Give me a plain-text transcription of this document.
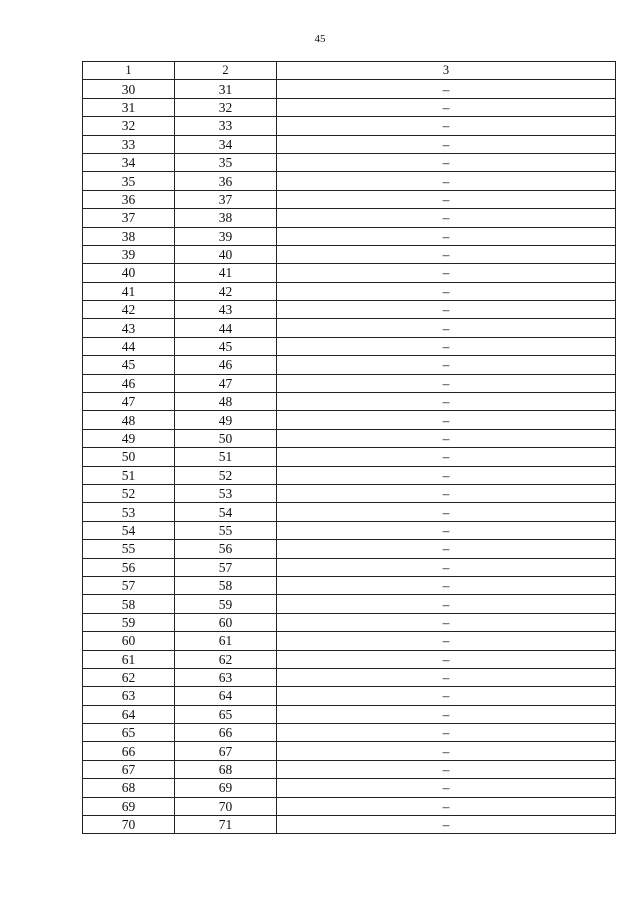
45
1	2	3
30	31	–
31	32	–
32	33	–
33	34	–
34	35	–
35	36	–
36	37	–
37	38	–
38	39	–
39	40	–
40	41	–
41	42	–
42	43	–
43	44	–
44	45	–
45	46	–
46	47	–
47	48	–
48	49	–
49	50	–
50	51	–
51	52	–
52	53	–
53	54	–
54	55	–
55	56	–
56	57	–
57	58	–
58	59	–
59	60	–
60	61	–
61	62	–
62	63	–
63	64	–
64	65	–
65	66	–
66	67	–
67	68	–
68	69	–
69	70	–
70	71	–
